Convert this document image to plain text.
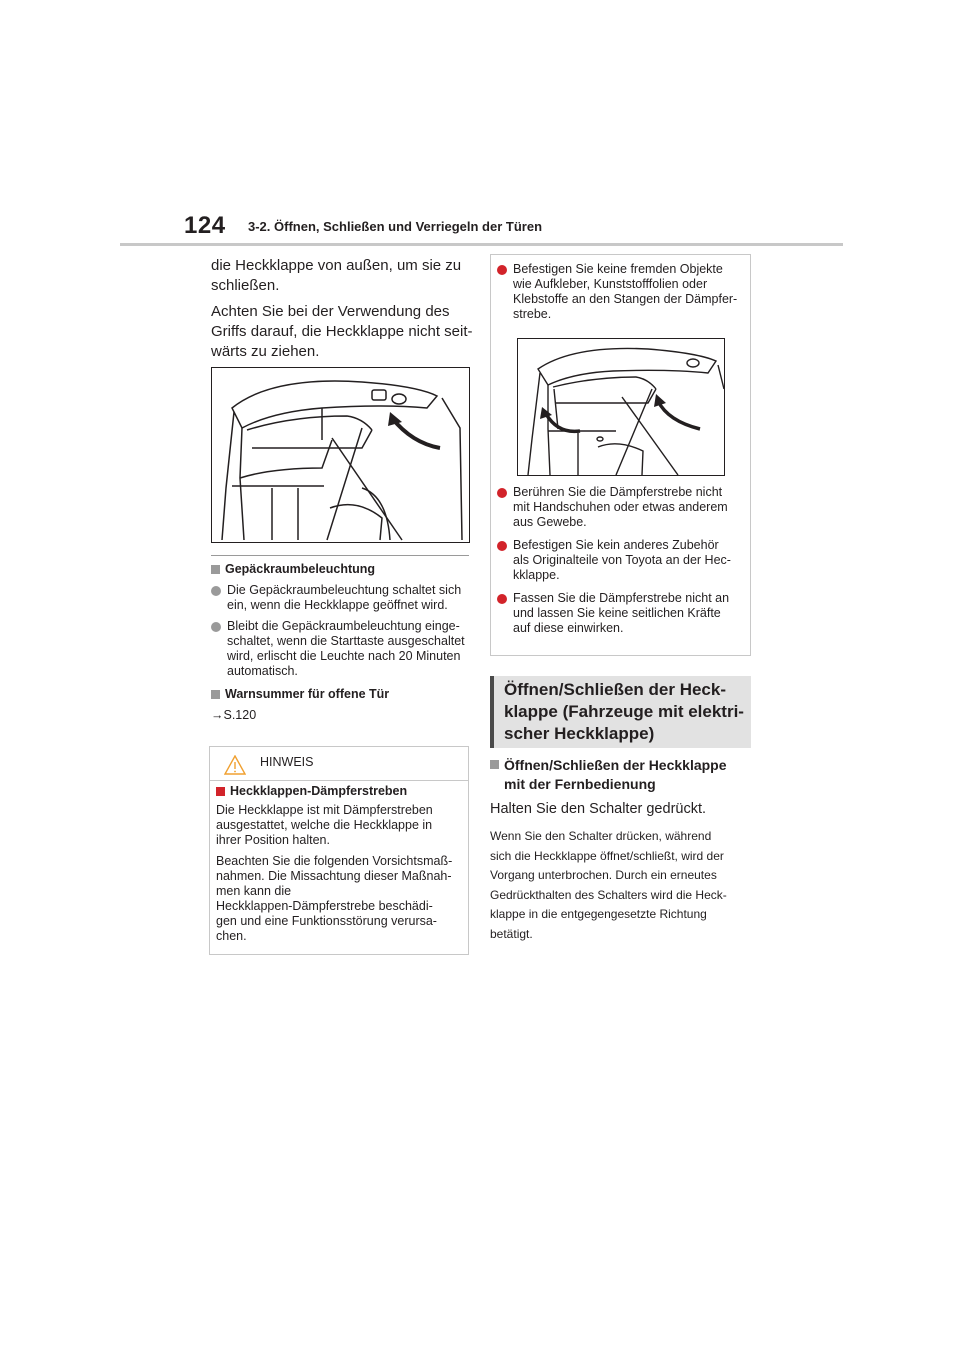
124 3-2. Öffnen, Schließen und Verriegeln der Türen
die Heckklappe von außen, um sie zu
schließen.
Achten Sie bei der Verwendung des
Griffs darauf, die Heckklappe nicht seit-
wärts zu ziehen.
Gepäckraumbeleuchtung
Die Gepäckraumbeleuchtung schaltet sich
ein, wenn die Heckklappe geöffnet wird.
Bleibt die Gepäckraumbeleuchtung einge-
schaltet, wenn die Starttaste ausgeschaltet
wird, erlischt die Leuchte nach 20 Minuten
automatisch.
Warnsummer für offene Tür
→S.120
HINWEIS
Heckklappen-Dämpferstreben
Die Heckklappe ist mit Dämpferstreben
ausgestattet, welche die Heckklappe in
ihrer Position halten.
Beachten Sie die folgenden Vorsichtsmaß-
nahmen. Die Missachtung dieser Maßnah-
men kann die
Heckklappen-Dämpferstrebe beschädi-
gen und eine Funktionsstörung verursa-
chen.
Befestigen Sie keine fremden Objekte
wie Aufkleber, Kunststofffolien oder
Klebstoffe an den Stangen der Dämpfer-
strebe.
Berühren Sie die Dämpferstrebe nicht
mit Handschuhen oder etwas anderem
aus Gewebe.
Befestigen Sie kein anderes Zubehör
als Originalteile von Toyota an der Hec-
kklappe.
Fassen Sie die Dämpferstrebe nicht an
und lassen Sie keine seitlichen Kräfte
auf diese einwirken.
Öffnen/Schließen der Heck-
klappe (Fahrzeuge mit elektri-
scher Heckklappe)
Öffnen/Schließen der Heckklappe
mit der Fernbedienung
Halten Sie den Schalter gedrückt.
Wenn Sie den Schalter drücken, während
sich die Heckklappe öffnet/schließt, wird der
Vorgang unterbrochen. Durch ein erneutes
Gedrückthalten des Schalters wird die Heck-
klappe in die entgegengesetzte Richtung
betätigt.
